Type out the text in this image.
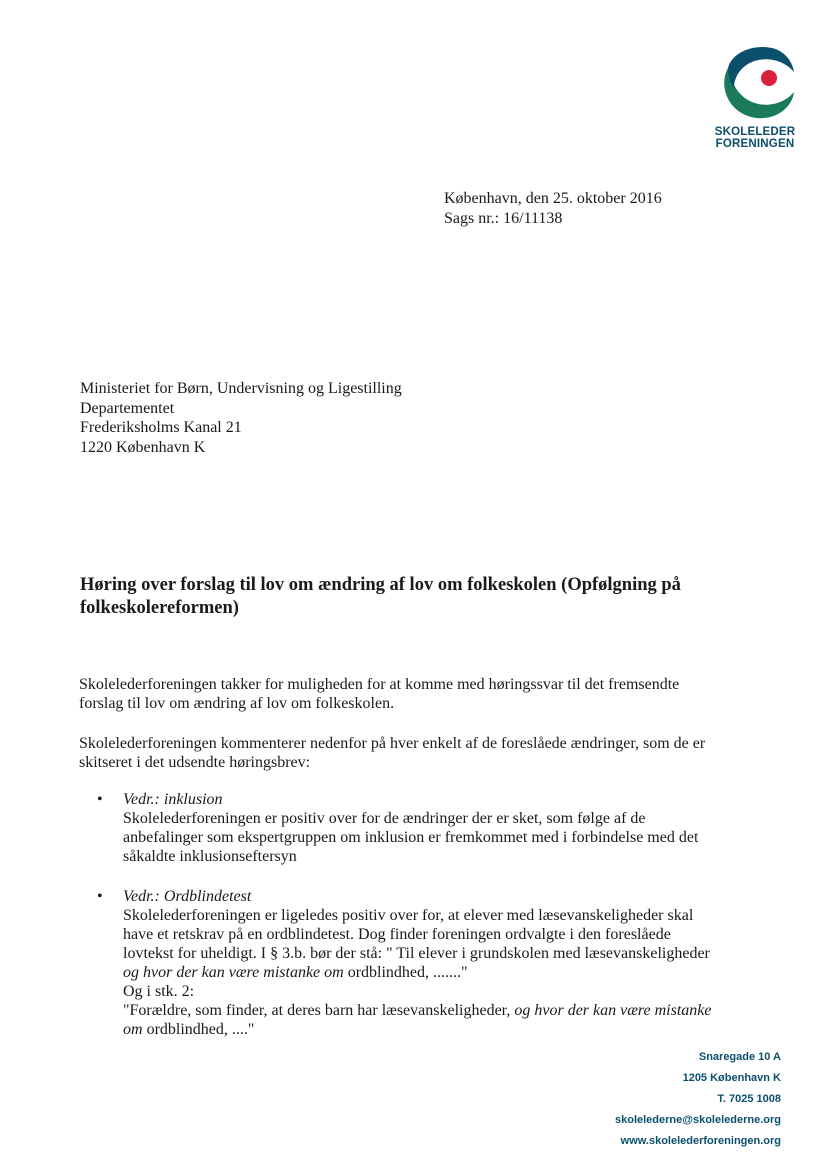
SKOLELEDER
FORENINGEN
København, den 25. oktober 2016
Sags nr.: 16/11138
Ministeriet for Børn, Undervisning og Ligestilling
Departementet
Frederiksholms Kanal 21
1220 København K
Høring over forslag til lov om ændring af lov om folkeskolen (Opfølgning på
folkeskolereformen)
Skolelederforeningen takker for muligheden for at komme med høringssvar til det fremsendte
forslag til lov om ændring af lov om folkeskolen.
Skolelederforeningen kommenterer nedenfor på hver enkelt af de foreslåede ændringer, som de er
skitseret i det udsendte høringsbrev:
• Vedr.: inklusion
Skolelederforeningen er positiv over for de ændringer der er sket, som følge af de
anbefalinger som ekspertgruppen om inklusion er fremkommet med i forbindelse med det
såkaldte inklusionseftersyn
• Vedr.: Ordblindetest
Skolelederforeningen er ligeledes positiv over for, at elever med læsevanskeligheder skal
have et retskrav på en ordblindetest. Dog finder foreningen ordvalgte i den foreslåede
lovtekst for uheldigt. I § 3.b. bør der stå: " Til elever i grundskolen med læsevanskeligheder
og hvor der kan være mistanke om ordblindhed, ......."
Og i stk. 2:
"Forældre, som finder, at deres barn har læsevanskeligheder, og hvor der kan være mistanke
om ordblindhed, ...."
Snaregade 10 A
1205 København K
T. 7025 1008
skolelederne@skolelederne.org
www.skolelederforeningen.org
